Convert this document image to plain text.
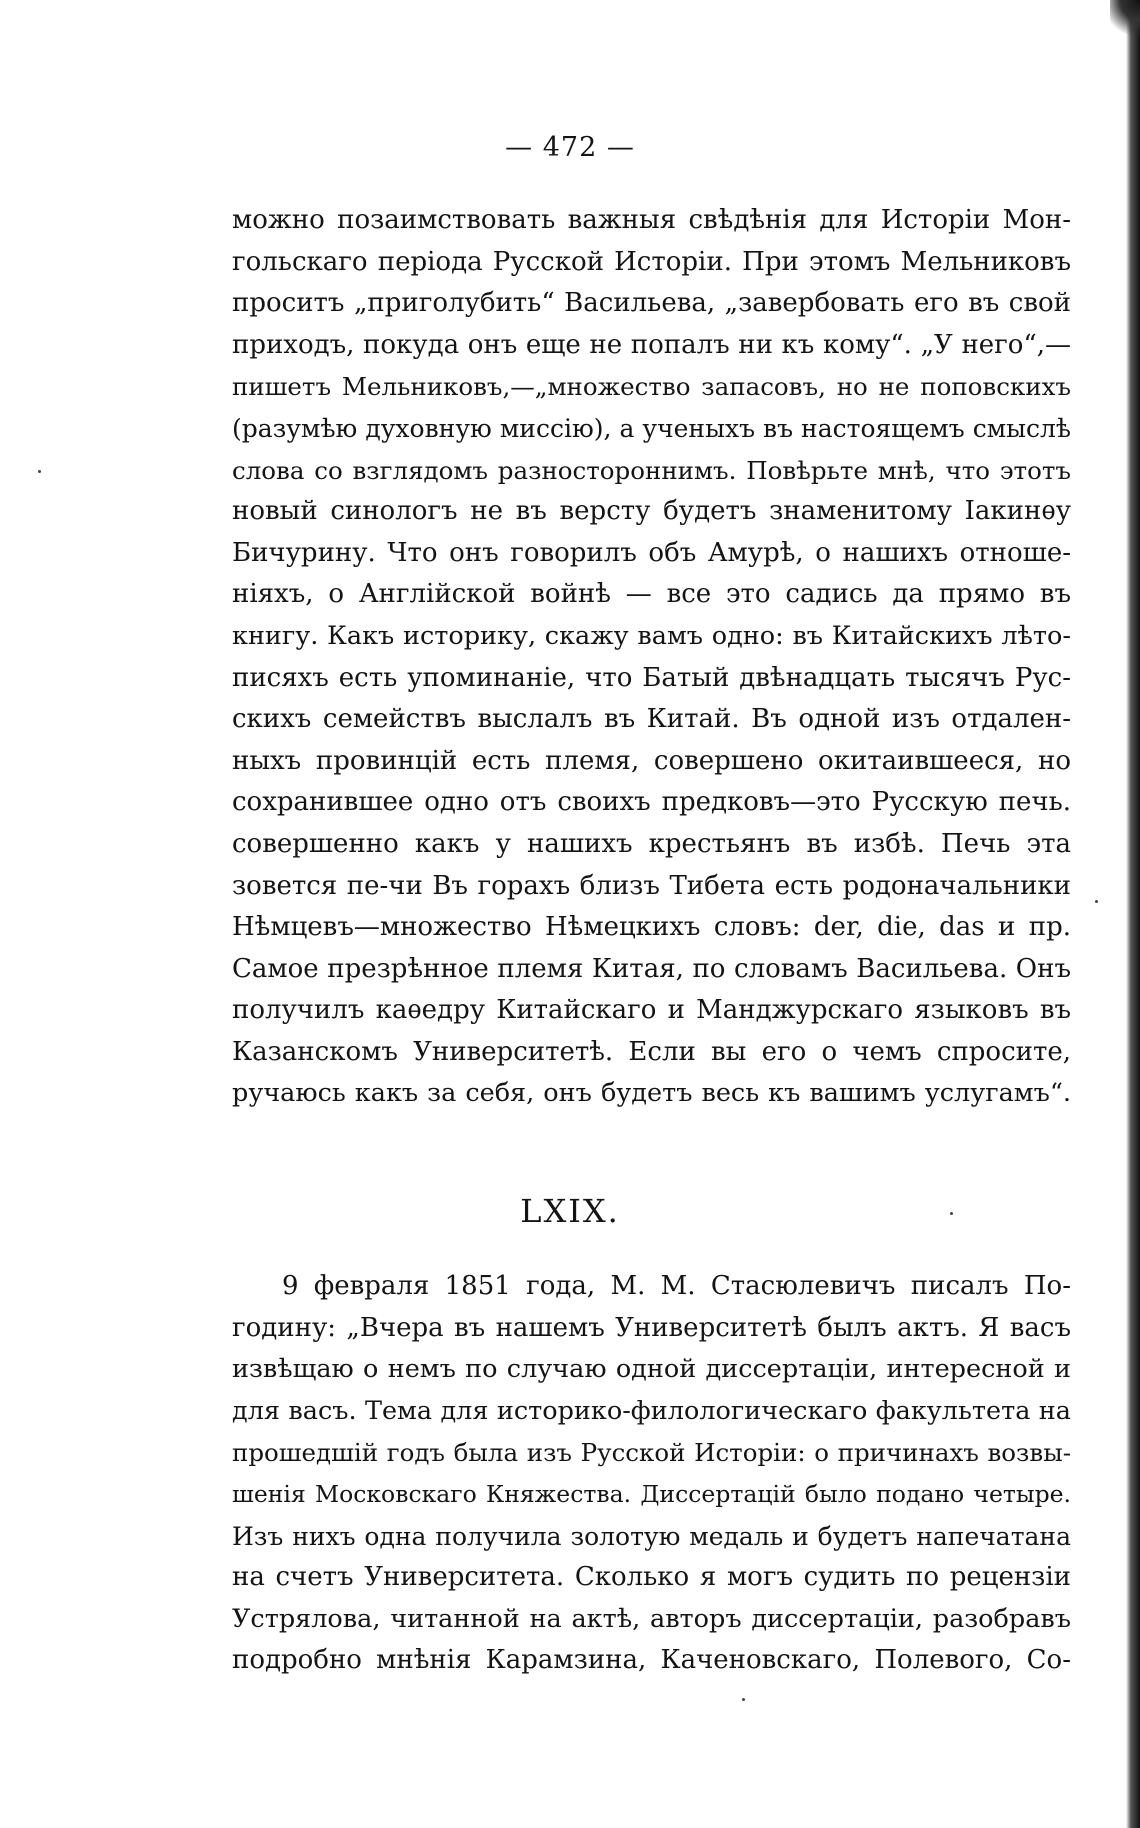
— 472 —
можно позаимствовать важныя свѣдѣнія для Исторіи Мон-
гольскаго періода Русской Исторіи. При этомъ Мельниковъ
проситъ „приголубить“ Васильева, „завербовать его въ свой
приходъ, покуда онъ еще не попалъ ни къ кому“. „У него“,—
пишетъ Мельниковъ,—„множество запасовъ, но не поповскихъ
(разумѣю духовную миссію), а ученыхъ въ настоящемъ смыслѣ
слова со взглядомъ разностороннимъ. Повѣрьте мнѣ, что этотъ
новый синологъ не въ версту будетъ знаменитому Іакинѳу
Бичурину. Что онъ говорилъ объ Амурѣ, о нашихъ отноше-
ніяхъ, о Англійской войнѣ — все это садись да прямо въ
книгу. Какъ историку, скажу вамъ одно: въ Китайскихъ лѣто-
писяхъ есть упоминаніе, что Батый двѣнадцать тысячъ Рус-
скихъ семействъ выслалъ въ Китай. Въ одной изъ отдален-
ныхъ провинцій есть племя, совершено окитаившееся, но
сохранившее одно отъ своихъ предковъ—это Русскую печь.
совершенно какъ у нашихъ крестьянъ въ избѣ. Печь эта
зовется пе-чи Въ горахъ близъ Тибета есть родоначальники
Нѣмцевъ—множество Нѣмецкихъ словъ: der, die, das и пр.
Самое презрѣнное племя Китая, по словамъ Васильева. Онъ
получилъ каѳедру Китайскаго и Манджурскаго языковъ въ
Казанскомъ Университетѣ. Если вы его о чемъ спросите,
ручаюсь какъ за себя, онъ будетъ весь къ вашимъ услугамъ“.
LXIX.
9 февраля 1851 года, М. М. Стасюлевичъ писалъ По-
годину: „Вчера въ нашемъ Университетѣ былъ актъ. Я васъ
извѣщаю о немъ по случаю одной диссертаціи, интересной и
для васъ. Тема для историко-филологическаго факультета на
прошедшій годъ была изъ Русской Исторіи: о причинахъ возвы-
шенія Московскаго Княжества. Диссертацій было подано четыре.
Изъ нихъ одна получила золотую медаль и будетъ напечатана
на счетъ Университета. Сколько я могъ судить по рецензіи
Устрялова, читанной на актѣ, авторъ диссертаціи, разобравъ
подробно мнѣнія Карамзина, Каченовскаго, Полевого, Со-
